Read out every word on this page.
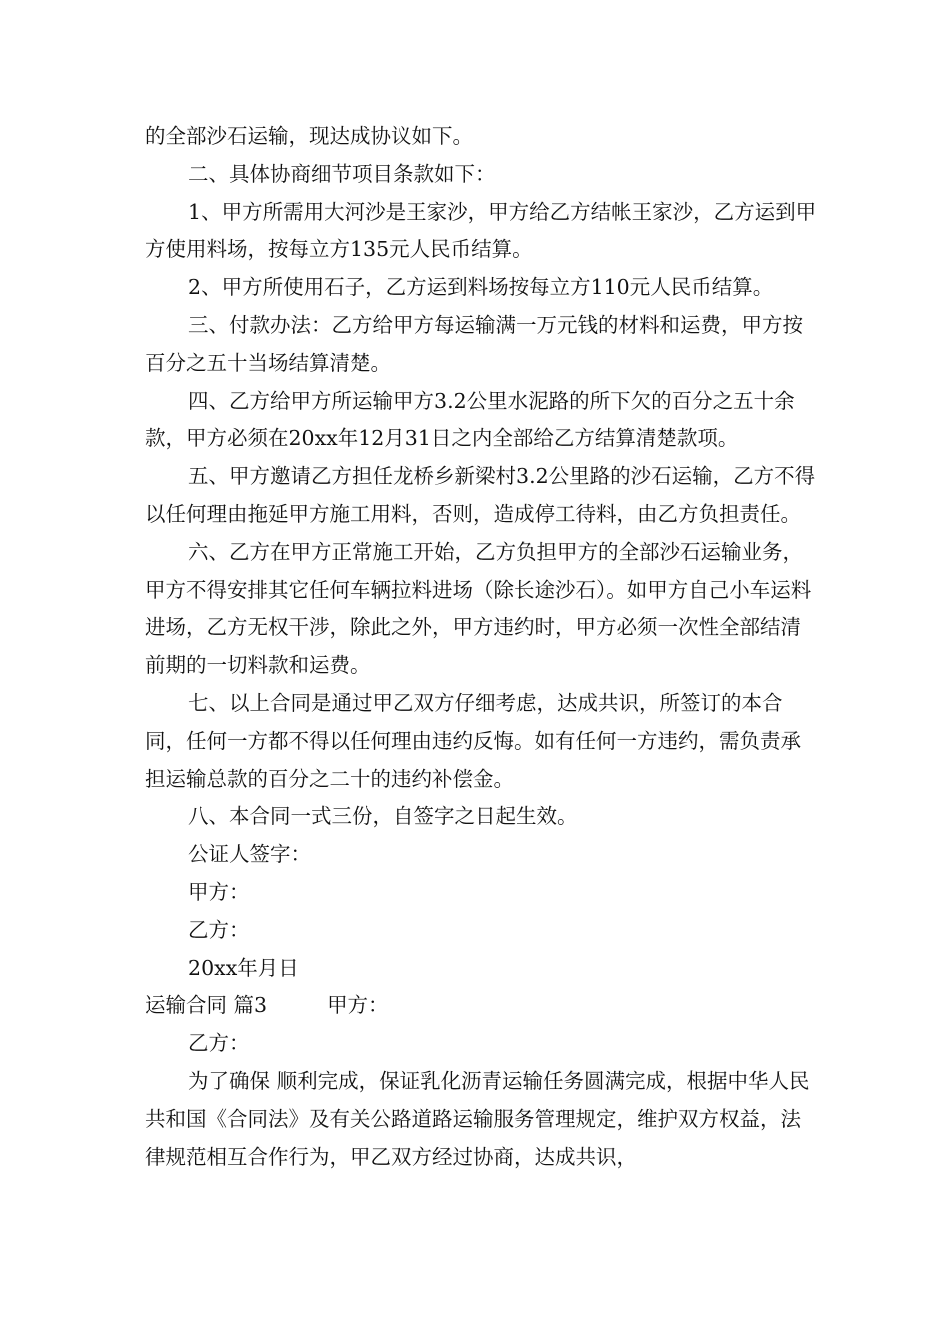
的全部沙石运输，现达成协议如下。

二、具体协商细节项目条款如下：

1、甲方所需用大河沙是王家沙，甲方给乙方结帐王家沙，乙方运到甲方使用料场，按每立方135元人民币结算。

2、甲方所使用石子，乙方运到料场按每立方110元人民币结算。

三、付款办法：乙方给甲方每运输满一万元钱的材料和运费，甲方按百分之五十当场结算清楚。

四、乙方给甲方所运输甲方3.2公里水泥路的所下欠的百分之五十余款，甲方必须在20xx年12月31日之内全部给乙方结算清楚款项。

五、甲方邀请乙方担任龙桥乡新梁村3.2公里路的沙石运输，乙方不得以任何理由拖延甲方施工用料，否则，造成停工待料，由乙方负担责任。

六、乙方在甲方正常施工开始，乙方负担甲方的全部沙石运输业务，甲方不得安排其它任何车辆拉料进场（除长途沙石）。如甲方自己小车运料进场，乙方无权干涉，除此之外，甲方违约时，甲方必须一次性全部结清前期的一切料款和运费。

七、以上合同是通过甲乙双方仔细考虑，达成共识，所签订的本合同，任何一方都不得以任何理由违约反悔。如有任何一方违约，需负责承担运输总款的百分之二十的违约补偿金。

八、本合同一式三份，自签字之日起生效。

公证人签字：

甲方：

乙方：

20xx年月日

运输合同 篇3	甲方：

乙方：

为了确保 顺利完成，保证乳化沥青运输任务圆满完成，根据中华人民共和国《合同法》及有关公路道路运输服务管理规定，维护双方权益，法律规范相互合作行为，甲乙双方经过协商，达成共识，
